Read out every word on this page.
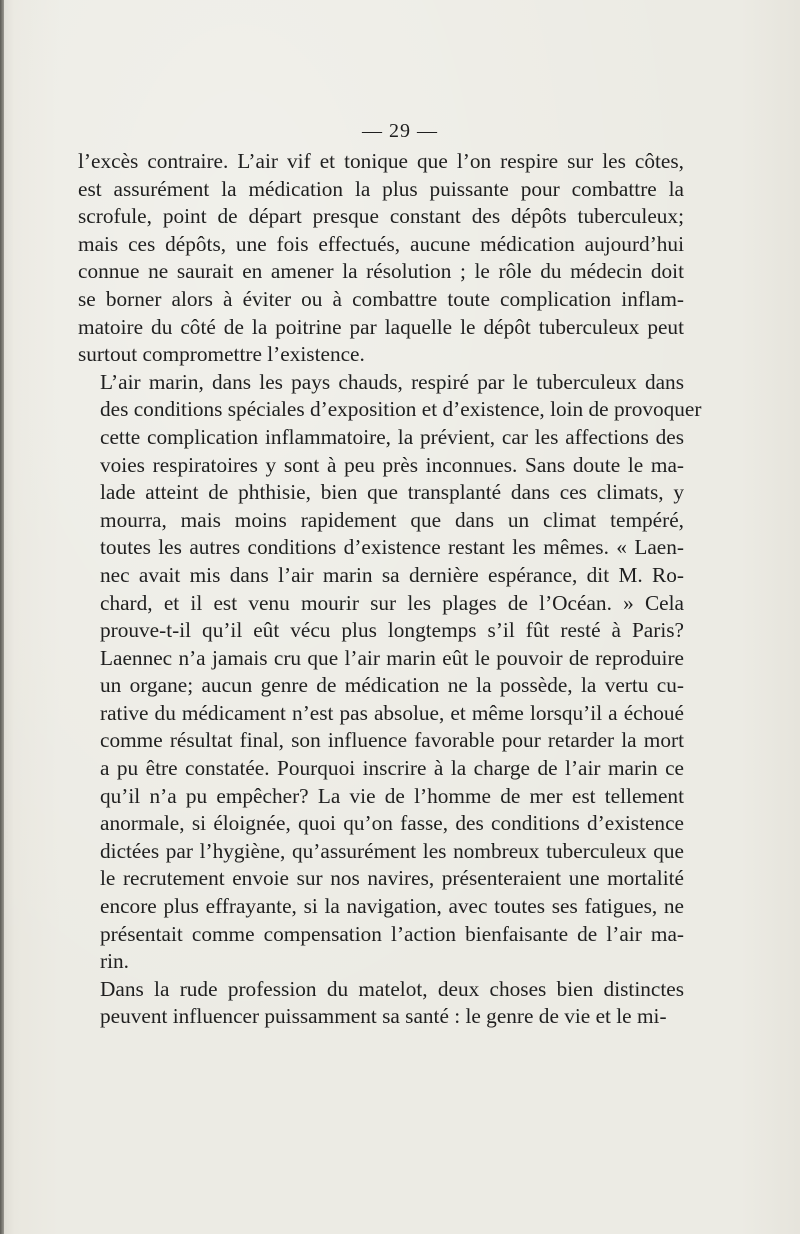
— 29 —

l’excès contraire. L’air vif et tonique que l’on respire sur les côtes,
est assurément la médication la plus puissante pour combattre la
scrofule, point de départ presque constant des dépôts tuberculeux;
mais ces dépôts, une fois effectués, aucune médication aujourd’hui
connue ne saurait en amener la résolution ; le rôle du médecin doit
se borner alors à éviter ou à combattre toute complication inflam-
matoire du côté de la poitrine par laquelle le dépôt tuberculeux peut
surtout compromettre l’existence.

L’air marin, dans les pays chauds, respiré par le tuberculeux dans
des conditions spéciales d’exposition et d’existence, loin de provoquer
cette complication inflammatoire, la prévient, car les affections des
voies respiratoires y sont à peu près inconnues. Sans doute le ma-
lade atteint de phthisie, bien que transplanté dans ces climats, y
mourra, mais moins rapidement que dans un climat tempéré,
toutes les autres conditions d’existence restant les mêmes. « Laen-
nec avait mis dans l’air marin sa dernière espérance, dit M. Ro-
chard, et il est venu mourir sur les plages de l’Océan. » Cela
prouve-t-il qu’il eût vécu plus longtemps s’il fût resté à Paris?
Laennec n’a jamais cru que l’air marin eût le pouvoir de reproduire
un organe; aucun genre de médication ne la possède, la vertu cu-
rative du médicament n’est pas absolue, et même lorsqu’il a échoué
comme résultat final, son influence favorable pour retarder la mort
a pu être constatée. Pourquoi inscrire à la charge de l’air marin ce
qu’il n’a pu empêcher? La vie de l’homme de mer est tellement
anormale, si éloignée, quoi qu’on fasse, des conditions d’existence
dictées par l’hygiène, qu’assurément les nombreux tuberculeux que
le recrutement envoie sur nos navires, présenteraient une mortalité
encore plus effrayante, si la navigation, avec toutes ses fatigues, ne
présentait comme compensation l’action bienfaisante de l’air ma-
rin.

Dans la rude profession du matelot, deux choses bien distinctes
peuvent influencer puissamment sa santé : le genre de vie et le mi-
